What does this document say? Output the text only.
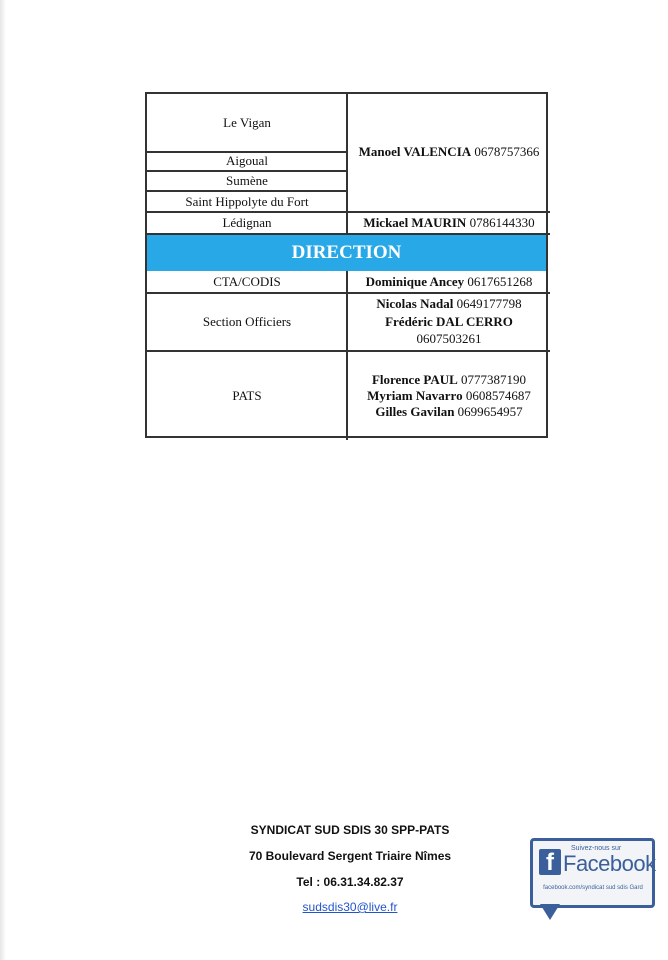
DIRECTION
Le Vigan
Aigoual
Sumène
Saint Hippolyte du Fort
Lédignan
Manoel VALENCIA 0678757366
Mickael MAURIN 0786144330
CTA/CODIS	Dominique Ancey 0617651268
Section Officiers
Nicolas Nadal 0649177798
Frédéric DAL CERRO
0607503261
PATS
Florence PAUL 0777387190
Myriam Navarro 0608574687
Gilles Gavilan 0699654957
SYNDICAT SUD SDIS 30 SPP-PATS
70 Boulevard Sergent Triaire Nîmes
Tel : 06.31.34.82.37
sudsdis30@live.fr
f
Suivez-nous sur
Facebook
facebook.com/syndicat sud sdis Gard
